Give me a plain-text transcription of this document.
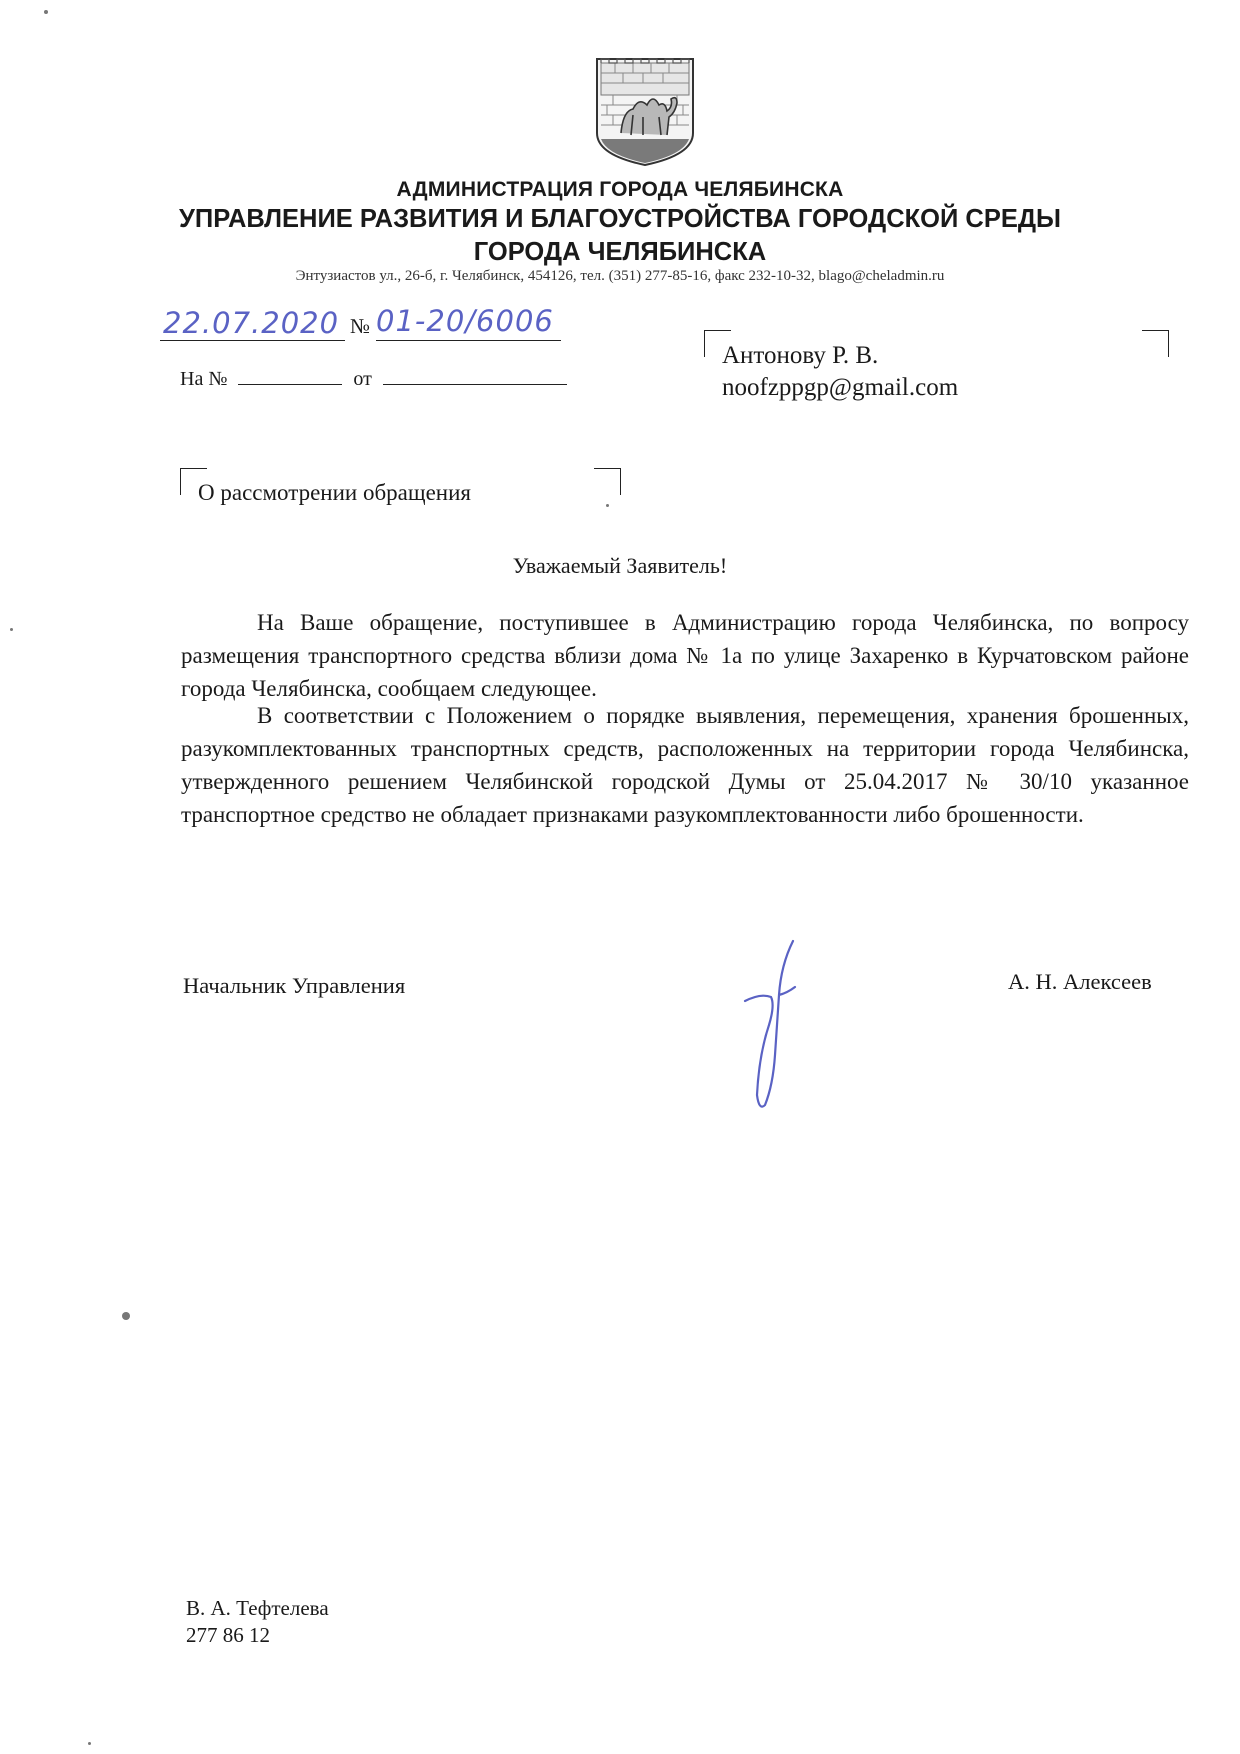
АДМИНИСТРАЦИЯ ГОРОДА ЧЕЛЯБИНСКА
УПРАВЛЕНИЕ РАЗВИТИЯ И БЛАГОУСТРОЙСТВА ГОРОДСКОЙ СРЕДЫ
ГОРОДА ЧЕЛЯБИНСКА
Энтузиастов ул., 26-б, г. Челябинск, 454126, тел. (351) 277-85-16, факс 232-10-32, blago@cheladmin.ru
22.07.2020 № 01-20/6006
На №	от
Антонову Р. В.
noofzppgp@gmail.com
О рассмотрении обращения
Уважаемый Заявитель!
На Ваше обращение, поступившее в Администрацию города Челябинска, по вопросу размещения транспортного средства вблизи дома № 1а по улице Захаренко в Курчатовском районе города Челябинска, сообщаем следующее.
В соответствии с Положением о порядке выявления, перемещения, хранения брошенных, разукомплектованных транспортных средств, расположенных на территории города Челябинска, утвержденного решением Челябинской городской Думы от 25.04.2017 № 30/10 указанное транспортное средство не обладает признаками разукомплектованности либо брошенности.
Начальник Управления	А. Н. Алексеев
В. А. Тефтелева
277 86 12
